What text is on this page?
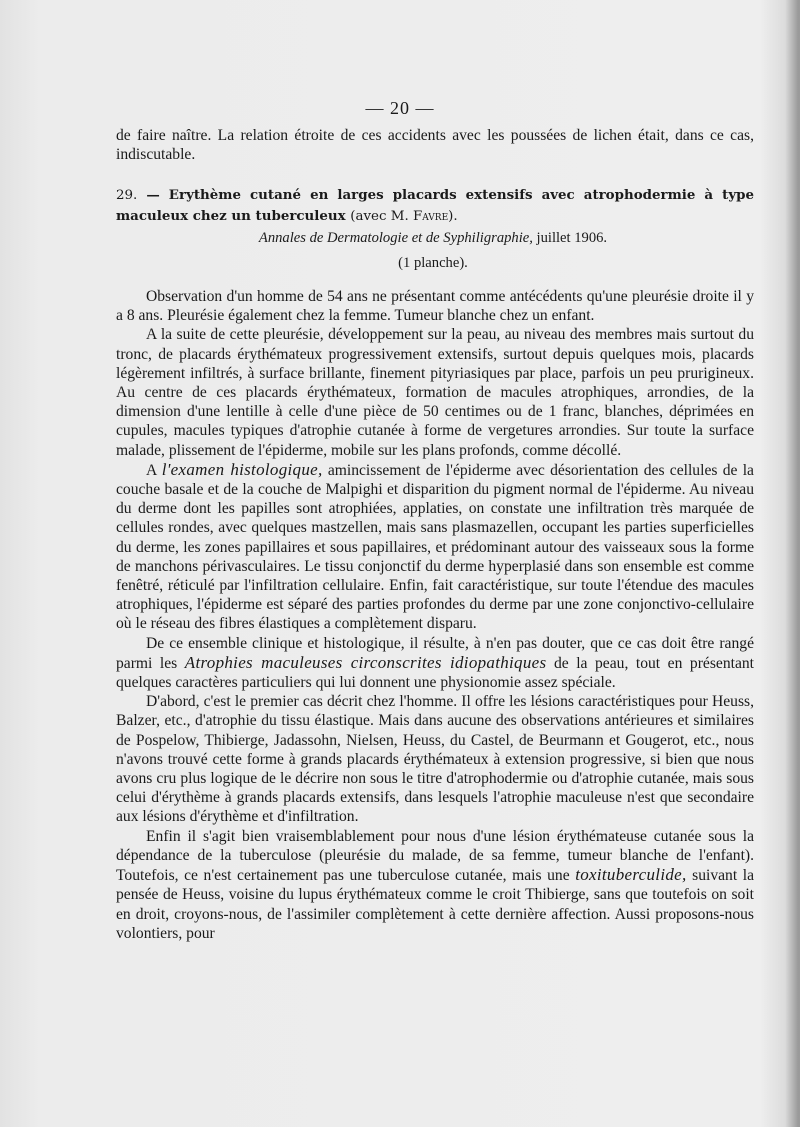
— 20 —

de faire naître. La relation étroite de ces accidents avec les poussées de lichen était, dans ce cas, indiscutable.

29. — Erythème cutané en larges placards extensifs avec atrophodermie à type maculeux chez un tuberculeux (avec M. Favre).
Annales de Dermatologie et de Syphiligraphie, juillet 1906.
(1 planche).

Observation d'un homme de 54 ans ne présentant comme antécédents qu'une pleurésie droite il y a 8 ans. Pleurésie également chez la femme. Tumeur blanche chez un enfant.

A la suite de cette pleurésie, développement sur la peau, au niveau des membres mais surtout du tronc, de placards érythémateux progressivement extensifs, surtout depuis quelques mois, placards légèrement infiltrés, à surface brillante, finement pityriasiques par place, parfois un peu prurigineux. Au centre de ces placards érythémateux, formation de macules atrophiques, arrondies, de la dimension d'une lentille à celle d'une pièce de 50 centimes ou de 1 franc, blanches, déprimées en cupules, macules typiques d'atrophie cutanée à forme de vergetures arrondies. Sur toute la surface malade, plissement de l'épiderme, mobile sur les plans profonds, comme décollé.

A l'examen histologique, amincissement de l'épiderme avec désorientation des cellules de la couche basale et de la couche de Malpighi et disparition du pigment normal de l'épiderme. Au niveau du derme dont les papilles sont atrophiées, applaties, on constate une infiltration très marquée de cellules rondes, avec quelques mastzellen, mais sans plasmazellen, occupant les parties superficielles du derme, les zones papillaires et sous papillaires, et prédominant autour des vaisseaux sous la forme de manchons périvasculaires. Le tissu conjonctif du derme hyperplasié dans son ensemble est comme fenêtré, réticulé par l'infiltration cellulaire. Enfin, fait caractéristique, sur toute l'étendue des macules atrophiques, l'épiderme est séparé des parties profondes du derme par une zone conjonctivo-cellulaire où le réseau des fibres élastiques a complètement disparu.

De ce ensemble clinique et histologique, il résulte, à n'en pas douter, que ce cas doit être rangé parmi les Atrophies maculeuses circonscrites idiopathiques de la peau, tout en présentant quelques caractères particuliers qui lui donnent une physionomie assez spéciale.

D'abord, c'est le premier cas décrit chez l'homme. Il offre les lésions caractéristiques pour Heuss, Balzer, etc., d'atrophie du tissu élastique. Mais dans aucune des observations antérieures et similaires de Pospelow, Thibierge, Jadassohn, Nielsen, Heuss, du Castel, de Beurmann et Gougerot, etc., nous n'avons trouvé cette forme à grands placards érythémateux à extension progressive, si bien que nous avons cru plus logique de le décrire non sous le titre d'atrophodermie ou d'atrophie cutanée, mais sous celui d'érythème à grands placards extensifs, dans lesquels l'atrophie maculeuse n'est que secondaire aux lésions d'érythème et d'infiltration.

Enfin il s'agit bien vraisemblablement pour nous d'une lésion érythémateuse cutanée sous la dépendance de la tuberculose (pleurésie du malade, de sa femme, tumeur blanche de l'enfant). Toutefois, ce n'est certainement pas une tuberculose cutanée, mais une toxituberculide, suivant la pensée de Heuss, voisine du lupus érythémateux comme le croit Thibierge, sans que toutefois on soit en droit, croyons-nous, de l'assimiler complètement à cette dernière affection. Aussi proposons-nous volontiers, pour
